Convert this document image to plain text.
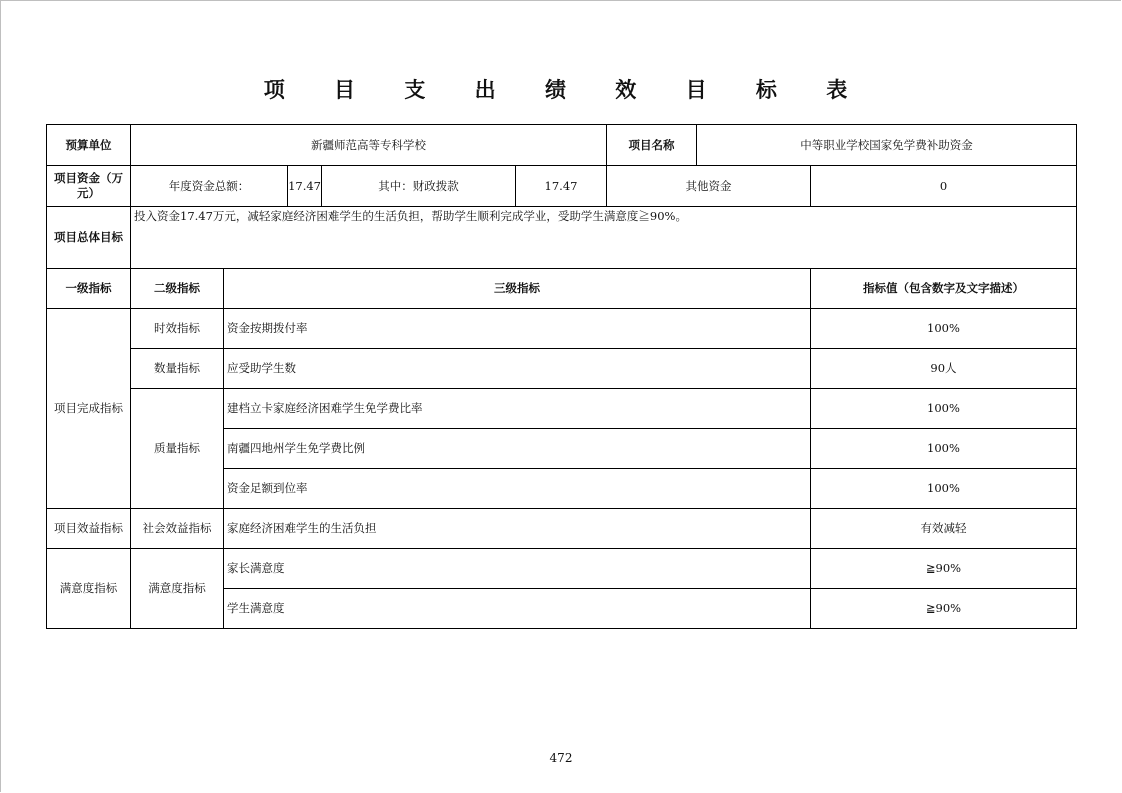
项 目 支 出 绩 效 目 标 表
预算单位	新疆师范高等专科学校				项目名称 中等职业学校国家免学费补助资金	

项目资金（万元）	年度资金总额： 17.47		其中：财政拨款	17.47	其他资金	0
项目总体目标	投入资金17.47万元，减轻家庭经济困难学生的生活负担，帮助学生顺利完成学业，受助学生满意度≧90%。					
一级指标	二级指标	三级指标				指标值（包含数字及文字描述）
项目完成指标	时效指标	资金按期拨付率				100%
	数量指标	应受助学生数				90人
	质量指标	建档立卡家庭经济困难学生免学费比率				100%
		南疆四地州学生免学费比例				100%
		资金足额到位率				100%
项目效益指标	社会效益指标	家庭经济困难学生的生活负担				有效减轻
满意度指标	满意度指标	家长满意度				≧90%
		学生满意度				≧90%
472
